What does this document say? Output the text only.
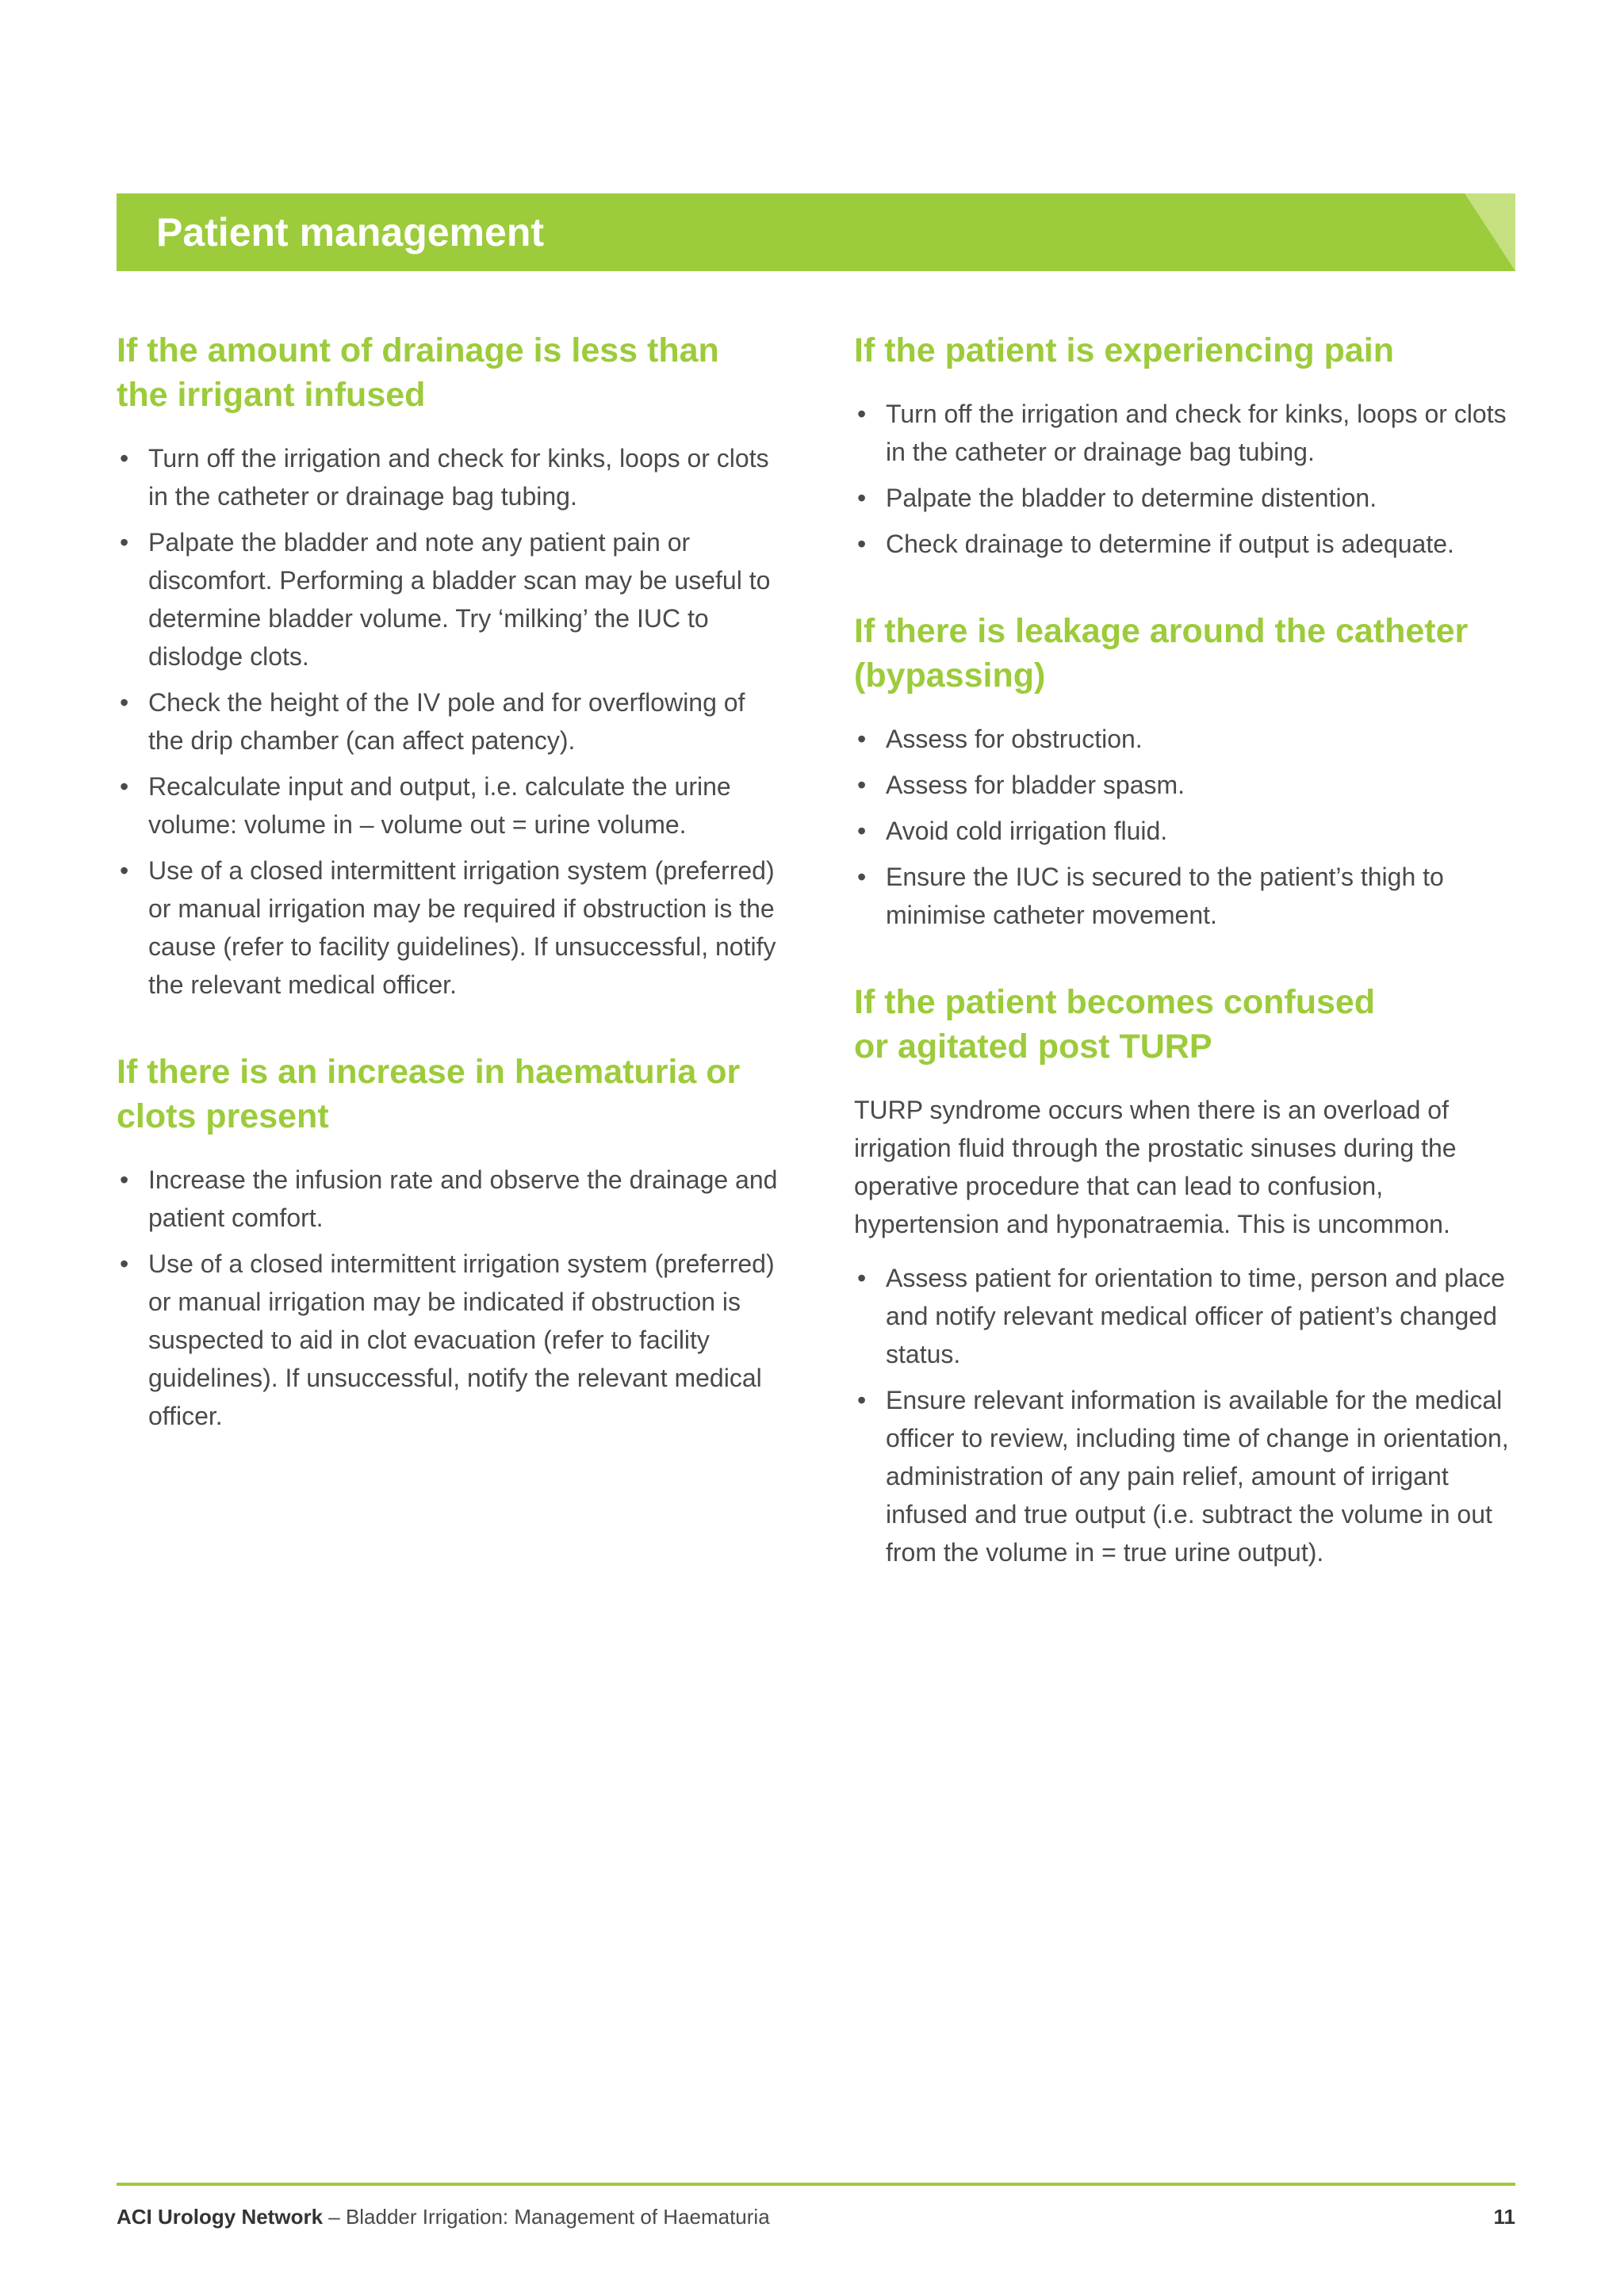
Patient management
If the amount of drainage is less than
the irrigant infused
• Turn off the irrigation and check for kinks, loops or clots in the catheter or drainage bag tubing.
• Palpate the bladder and note any patient pain or discomfort. Performing a bladder scan may be useful to determine bladder volume. Try ‘milking’ the IUC to dislodge clots.
• Check the height of the IV pole and for overflowing of the drip chamber (can affect patency).
• Recalculate input and output, i.e. calculate the urine volume: volume in – volume out = urine volume.
• Use of a closed intermittent irrigation system (preferred) or manual irrigation may be required if obstruction is the cause (refer to facility guidelines). If unsuccessful, notify the relevant medical officer.
If there is an increase in haematuria or
clots present
• Increase the infusion rate and observe the drainage and patient comfort.
• Use of a closed intermittent irrigation system (preferred) or manual irrigation may be indicated if obstruction is suspected to aid in clot evacuation (refer to facility guidelines). If unsuccessful, notify the relevant medical officer.
If the patient is experiencing pain
• Turn off the irrigation and check for kinks, loops or clots in the catheter or drainage bag tubing.
• Palpate the bladder to determine distention.
• Check drainage to determine if output is adequate.
If there is leakage around the catheter
(bypassing)
• Assess for obstruction.
• Assess for bladder spasm.
• Avoid cold irrigation fluid.
• Ensure the IUC is secured to the patient’s thigh to minimise catheter movement.
If the patient becomes confused
or agitated post TURP

TURP syndrome occurs when there is an overload of irrigation fluid through the prostatic sinuses during the operative procedure that can lead to confusion, hypertension and hyponatraemia. This is uncommon.

• Assess patient for orientation to time, person and place and notify relevant medical officer of patient’s changed status.
• Ensure relevant information is available for the medical officer to review, including time of change in orientation, administration of any pain relief, amount of irrigant infused and true output (i.e. subtract the volume in out from the volume in = true urine output).
ACI Urology Network – Bladder Irrigation: Management of Haematuria	11
